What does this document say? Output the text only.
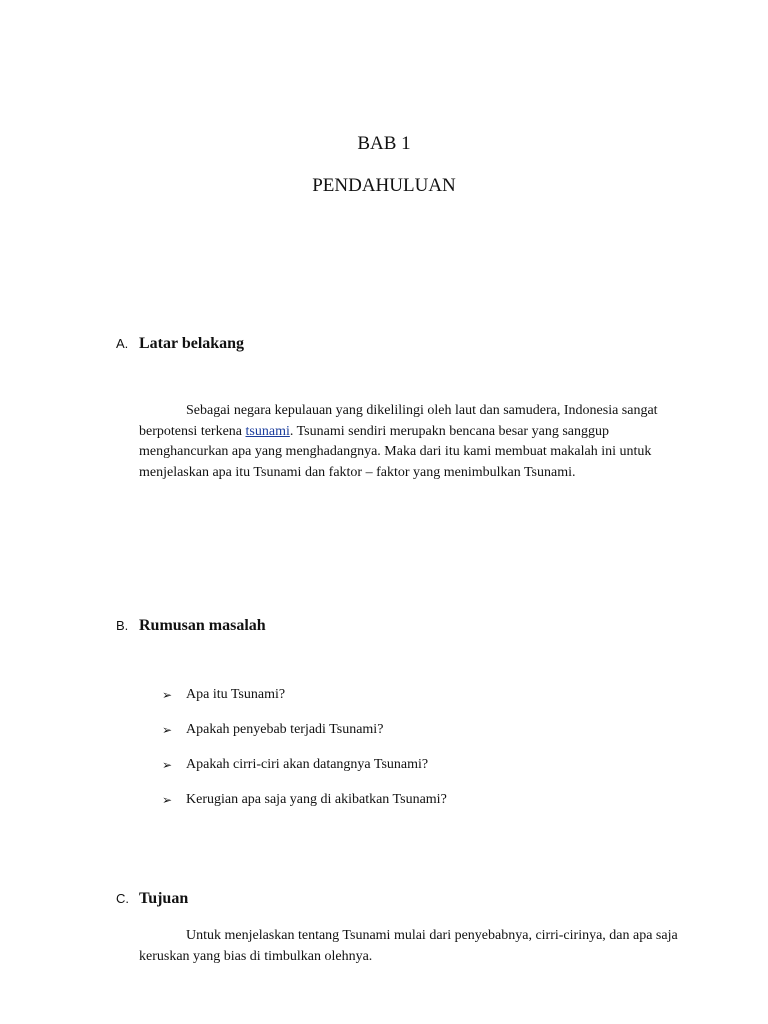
BAB 1
PENDAHULUAN
A. Latar belakang

Sebagai negara kepulauan yang dikelilingi oleh laut dan samudera, Indonesia sangat berpotensi terkena tsunami. Tsunami sendiri merupakn bencana besar yang sanggup menghancurkan apa yang menghadangnya. Maka dari itu kami membuat makalah ini untuk menjelaskan apa itu Tsunami dan faktor – faktor yang menimbulkan Tsunami.

B. Rumusan masalah
➢ Apa itu Tsunami?
➢ Apakah penyebab terjadi Tsunami?
➢ Apakah cirri-ciri akan datangnya Tsunami?
➢ Kerugian apa saja yang di akibatkan Tsunami?
C. Tujuan

Untuk menjelaskan tentang Tsunami mulai dari penyebabnya, cirri-cirinya, dan apa saja keruskan yang bias di timbulkan olehnya.
